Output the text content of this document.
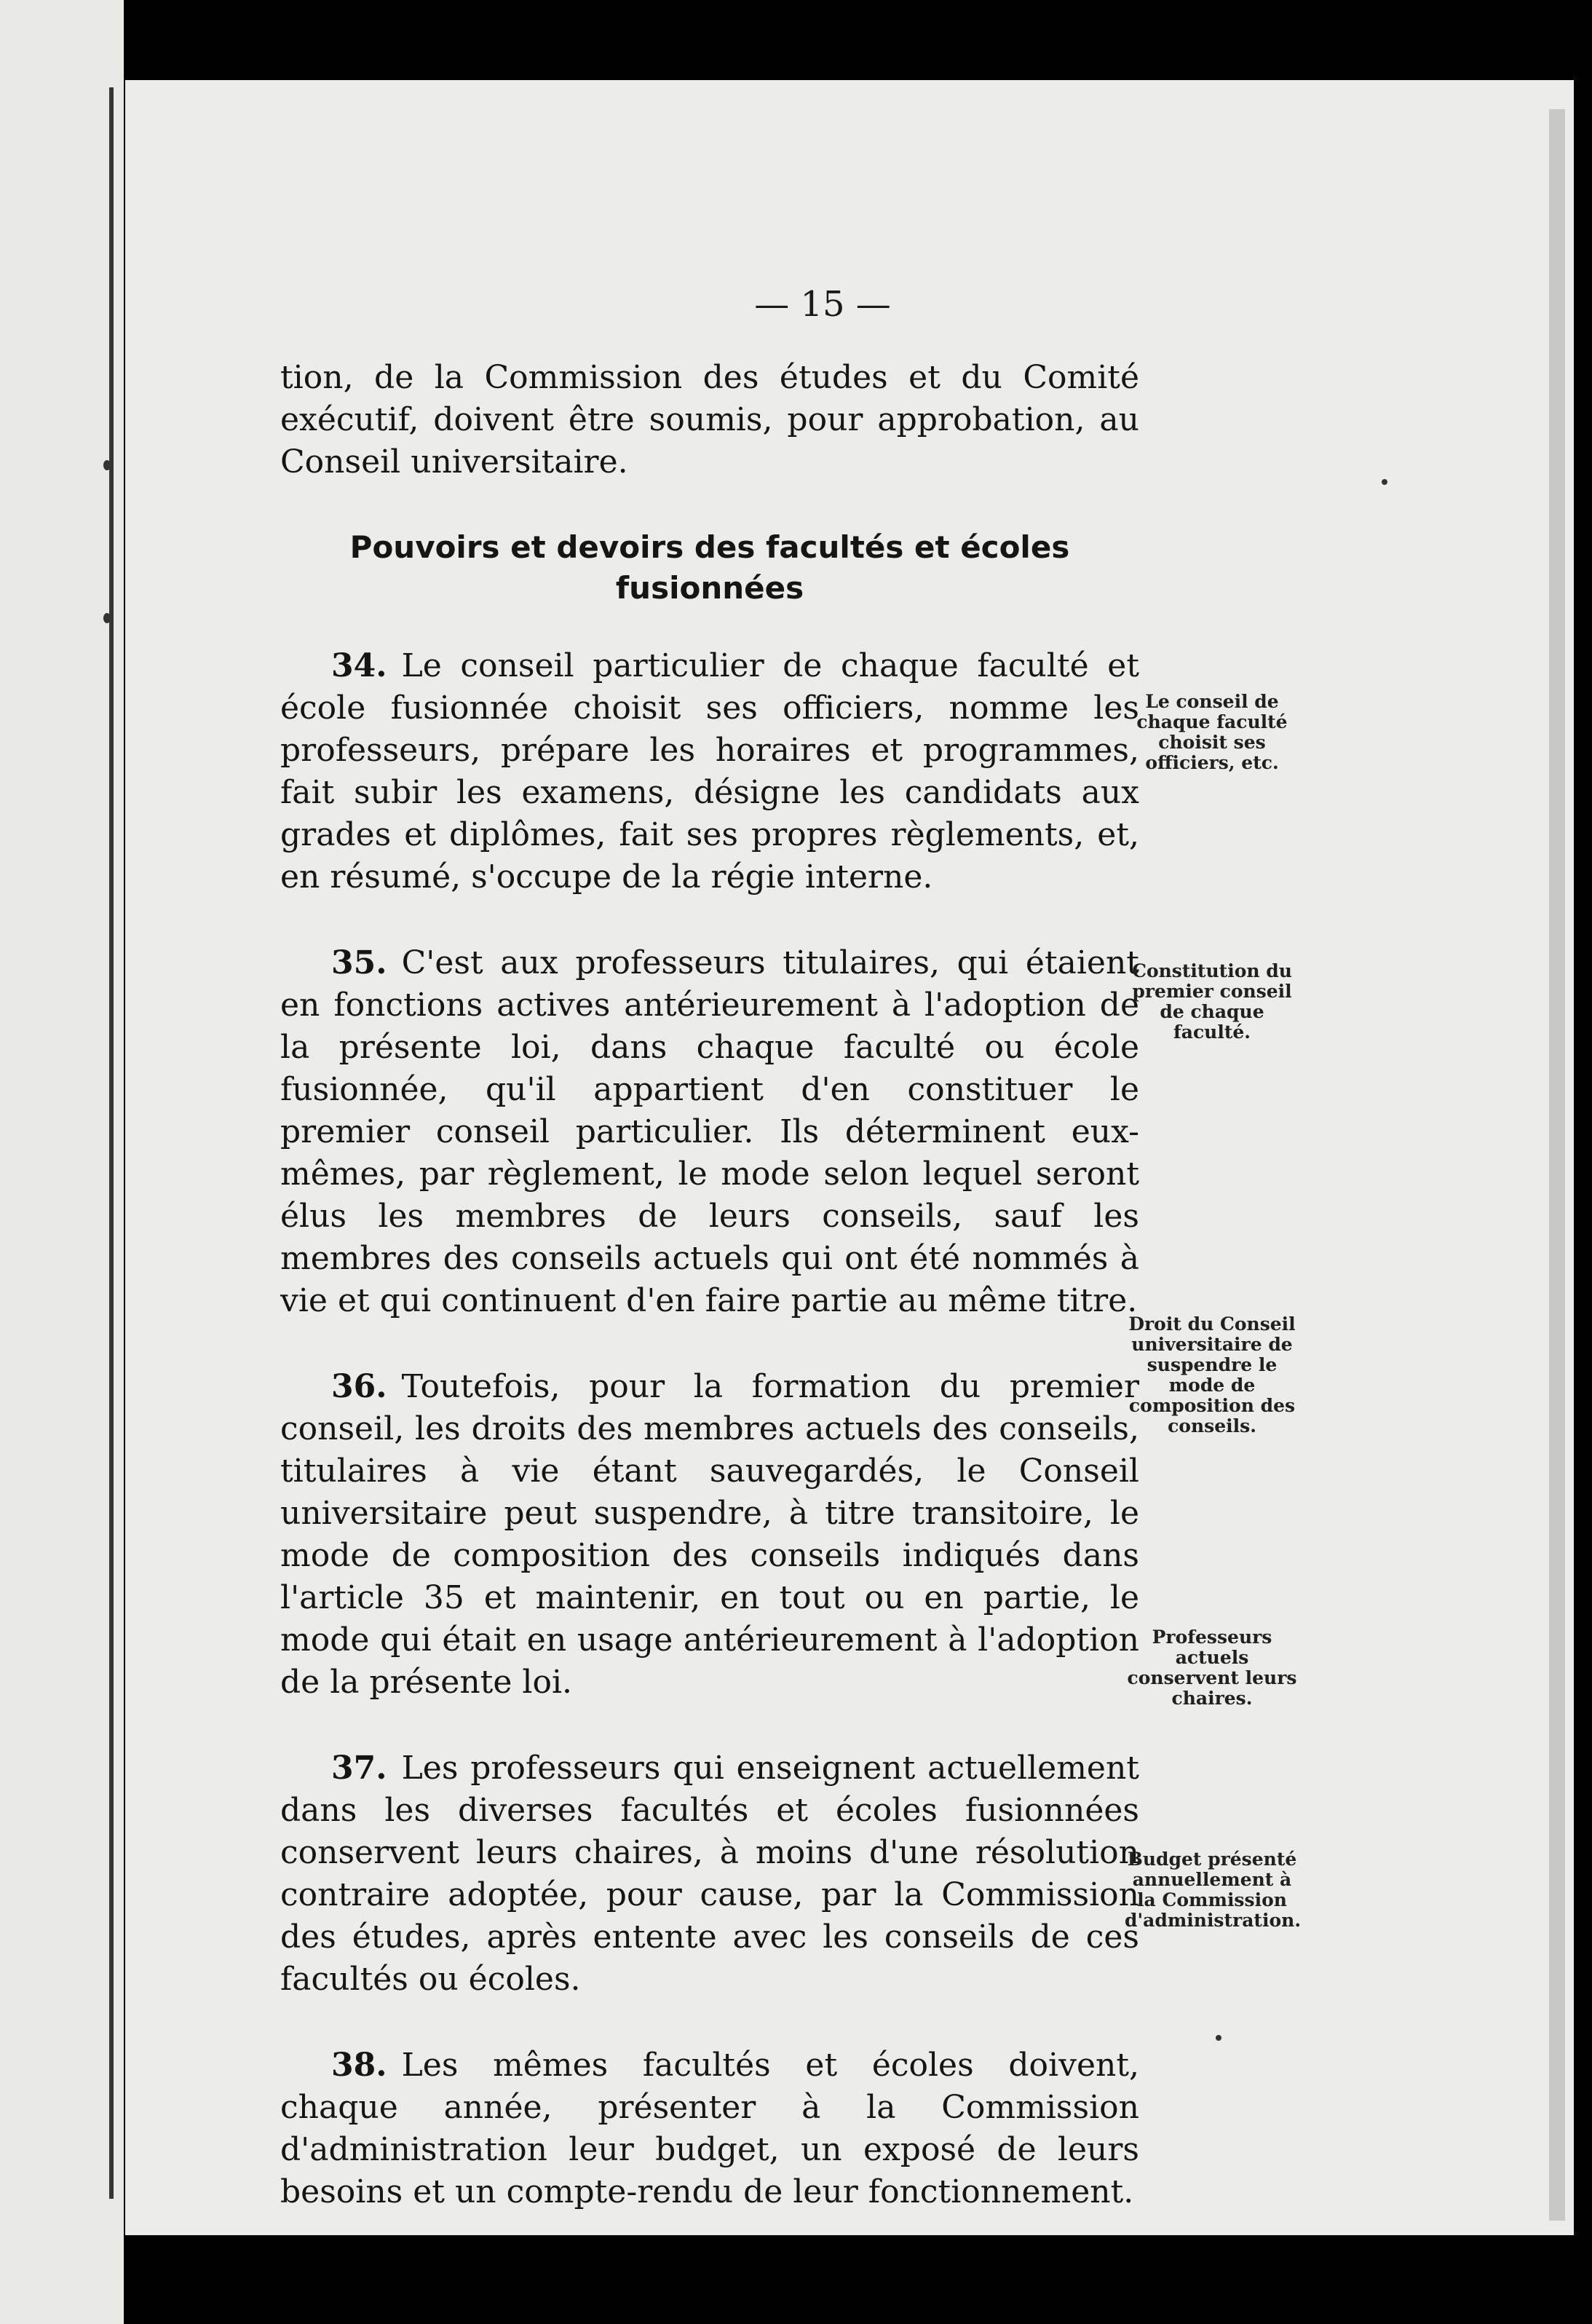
— 15 —

tion, de la Commission des études et du Comité exécutif, doivent être soumis, pour approbation, au Conseil universitaire.

Pouvoirs et devoirs des facultés et écoles fusionnées

34. Le conseil particulier de chaque faculté et école fusionnée choisit ses officiers, nomme les professeurs, prépare les horaires et programmes, fait subir les examens, désigne les candidats aux grades et diplômes, fait ses propres règlements, et, en résumé, s'occupe de la régie interne.

35. C'est aux professeurs titulaires, qui étaient en fonctions actives antérieurement à l'adoption de la présente loi, dans chaque faculté ou école fusionnée, qu'il appartient d'en constituer le premier conseil particulier. Ils déterminent eux-mêmes, par règlement, le mode selon lequel seront élus les membres de leurs conseils, sauf les membres des conseils actuels qui ont été nommés à vie et qui continuent d'en faire partie au même titre.

36. Toutefois, pour la formation du premier conseil, les droits des membres actuels des conseils, titulaires à vie étant sauvegardés, le Conseil universitaire peut suspendre, à titre transitoire, le mode de composition des conseils indiqués dans l'article 35 et maintenir, en tout ou en partie, le mode qui était en usage antérieurement à l'adoption de la présente loi.

37. Les professeurs qui enseignent actuellement dans les diverses facultés et écoles fusionnées conservent leurs chaires, à moins d'une résolution contraire adoptée, pour cause, par la Commission des études, après entente avec les conseils de ces facultés ou écoles.

38. Les mêmes facultés et écoles doivent, chaque année, présenter à la Commission d'administration leur budget, un exposé de leurs besoins et un compte-rendu de leur fonctionnement.

Le conseil de chaque faculté choisit ses officiers, etc.
Constitution du premier conseil de chaque faculté.
Droit du Conseil universitaire de suspendre le mode de composition des conseils.
Professeurs actuels conservent leurs chaires.
Budget présenté annuellement à la Commission d'administration.
